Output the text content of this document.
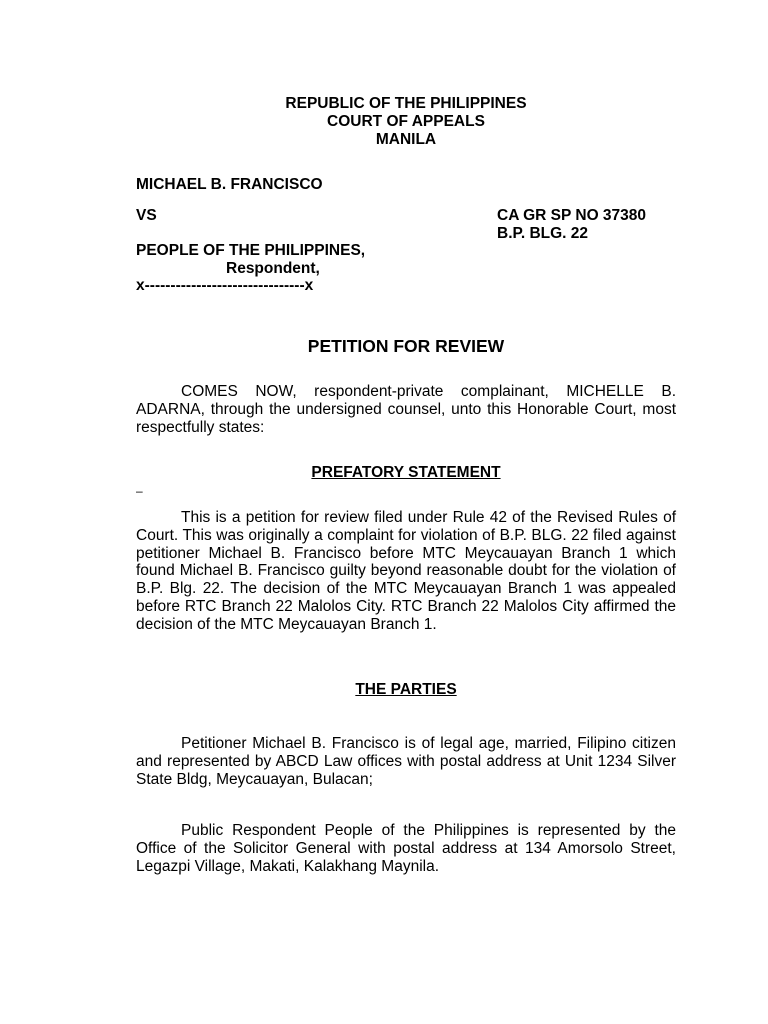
REPUBLIC OF THE PHILIPPINES
COURT OF APPEALS
MANILA
MICHAEL B. FRANCISCO
VS	CA GR SP NO 37380
B.P. BLG. 22
PEOPLE OF THE PHILIPPINES,
Respondent,
x-------------------------------x
PETITION FOR REVIEW

COMES NOW, respondent-private complainant, MICHELLE B. ADARNA, through the undersigned counsel, unto this Honorable Court, most respectfully states:

PREFATORY STATEMENT
–

This is a petition for review filed under Rule 42 of the Revised Rules of Court. This was originally a complaint for violation of B.P. BLG. 22 filed against petitioner Michael B. Francisco before MTC Meycauayan Branch 1 which found Michael B. Francisco guilty beyond reasonable doubt for the violation of B.P. Blg. 22. The decision of the MTC Meycauayan Branch 1 was appealed before RTC Branch 22 Malolos City. RTC Branch 22 Malolos City affirmed the decision of the MTC Meycauayan Branch 1.

THE PARTIES

Petitioner Michael B. Francisco is of legal age, married, Filipino citizen and represented by ABCD Law offices with postal address at Unit 1234 Silver State Bldg, Meycauayan, Bulacan;

Public Respondent People of the Philippines is represented by the Office of the Solicitor General with postal address at 134 Amorsolo Street, Legazpi Village, Makati, Kalakhang Maynila.
